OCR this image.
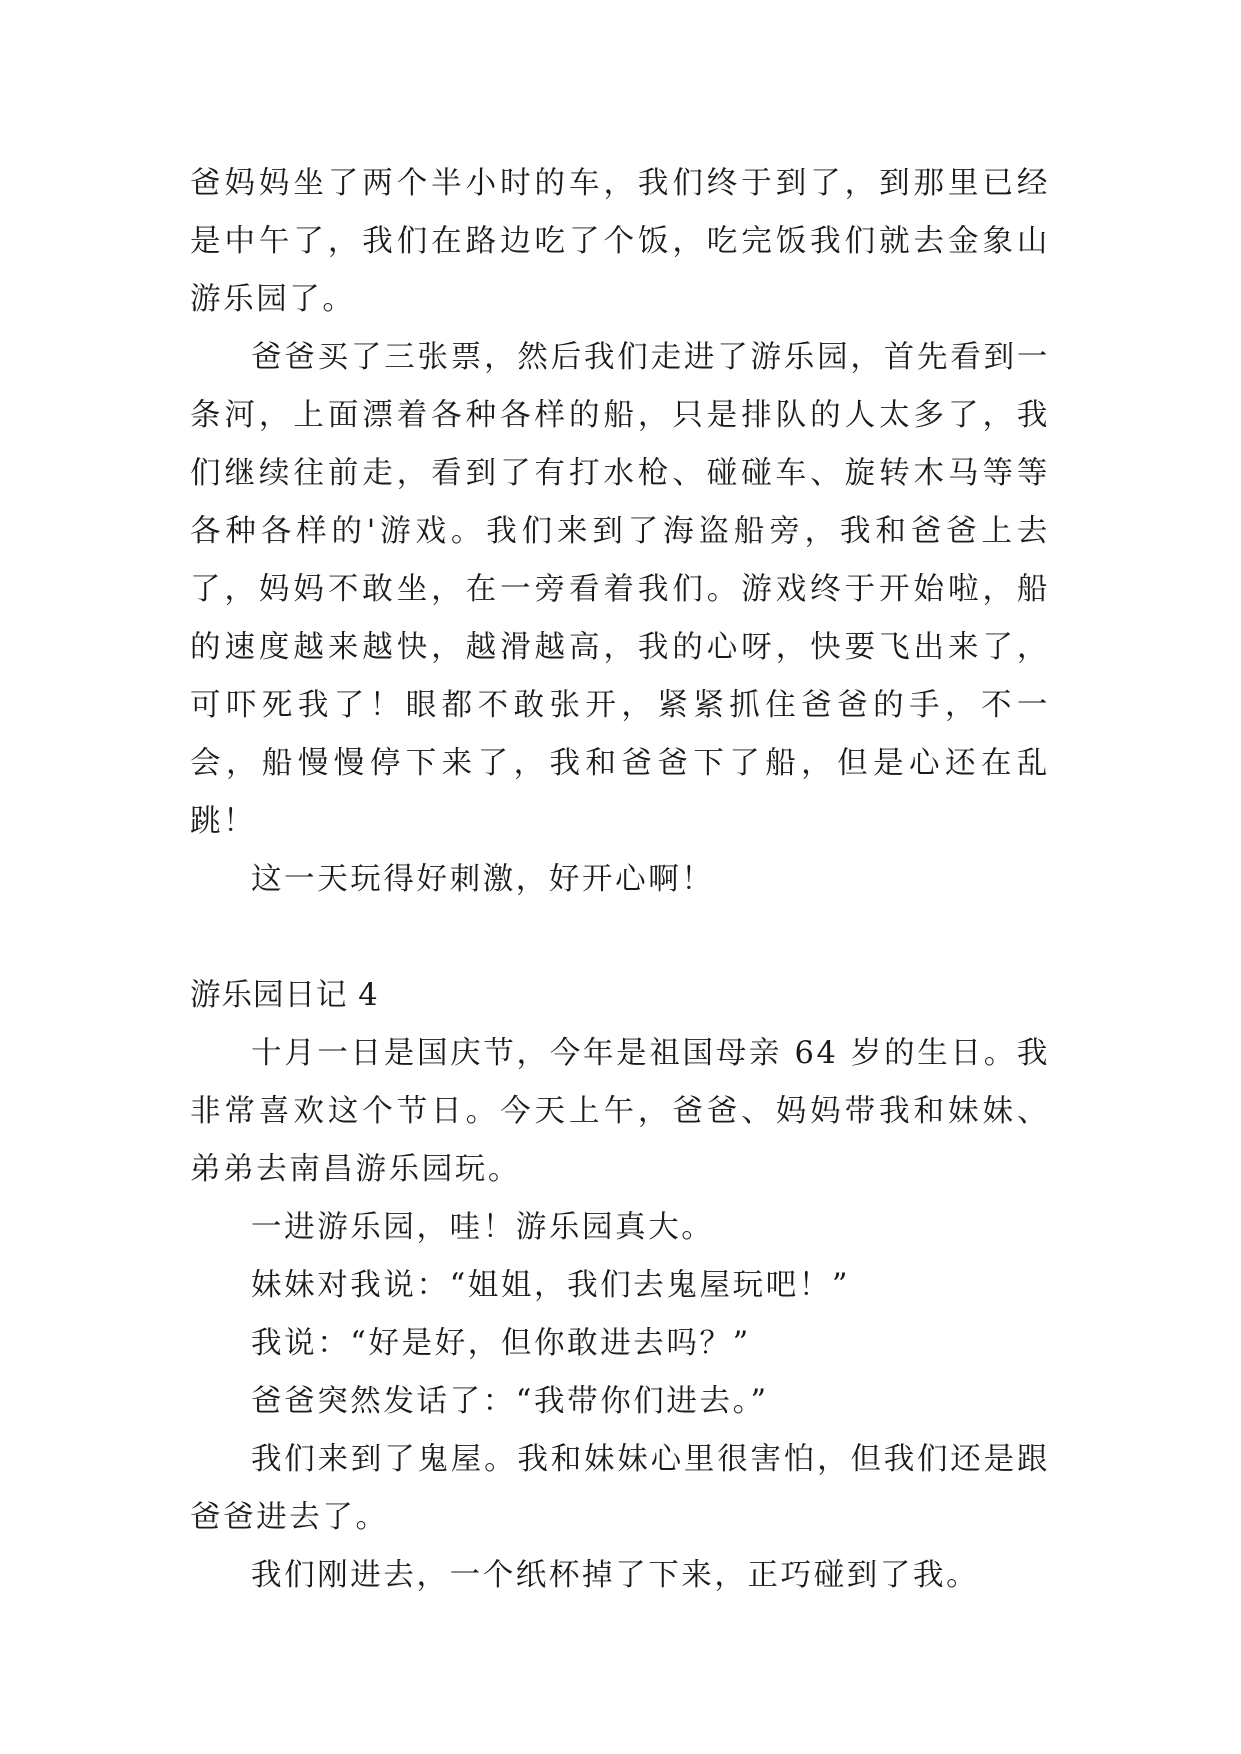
爸妈妈坐了两个半小时的车，我们终于到了，到那里已经是中午了，我们在路边吃了个饭，吃完饭我们就去金象山游乐园了。

爸爸买了三张票，然后我们走进了游乐园，首先看到一条河，上面漂着各种各样的船，只是排队的人太多了，我们继续往前走，看到了有打水枪、碰碰车、旋转木马等等各种各样的'游戏。我们来到了海盗船旁，我和爸爸上去了，妈妈不敢坐，在一旁看着我们。游戏终于开始啦，船的速度越来越快，越滑越高，我的心呀，快要飞出来了，可吓死我了！眼都不敢张开，紧紧抓住爸爸的手，不一会，船慢慢停下来了，我和爸爸下了船，但是心还在乱跳！

这一天玩得好刺激，好开心啊！

游乐园日记 4

十月一日是国庆节，今年是祖国母亲 64 岁的生日。我非常喜欢这个节日。今天上午，爸爸、妈妈带我和妹妹、弟弟去南昌游乐园玩。

一进游乐园，哇！游乐园真大。

妹妹对我说：“姐姐，我们去鬼屋玩吧！”

我说：“好是好，但你敢进去吗？”

爸爸突然发话了：“我带你们进去。”

我们来到了鬼屋。我和妹妹心里很害怕，但我们还是跟爸爸进去了。

我们刚进去，一个纸杯掉了下来，正巧碰到了我。
